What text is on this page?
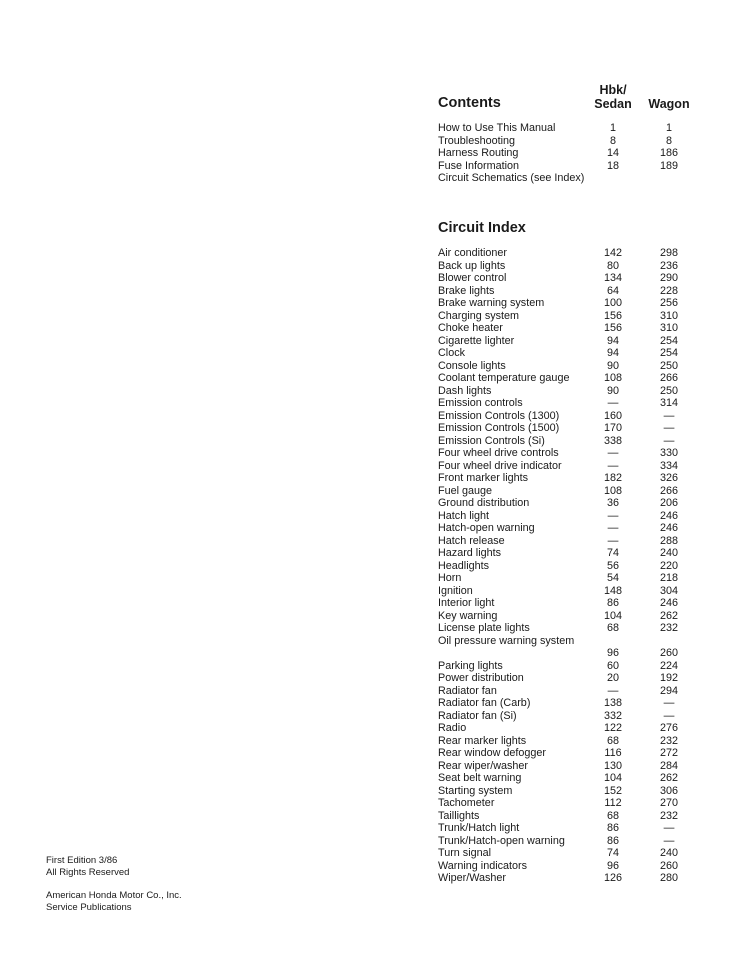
Hbk/
Sedan	Wagon
Contents
How to Use This Manual	1	1
Troubleshooting	8	8
Harness Routing	14	186
Fuse Information	18	189
Circuit Schematics (see Index)
Circuit Index
Air conditioner	142	298
Back up lights	80	236
Blower control	134	290
Brake lights	64	228
Brake warning system	100	256
Charging system	156	310
Choke heater	156	310
Cigarette lighter	94	254
Clock	94	254
Console lights	90	250
Coolant temperature gauge	108	266
Dash lights	90	250
Emission controls	—	314
Emission Controls (1300)	160	—
Emission Controls (1500)	170	—
Emission Controls (Si)	338	—
Four wheel drive controls	—	330
Four wheel drive indicator	—	334
Front marker lights	182	326
Fuel gauge	108	266
Ground distribution	36	206
Hatch light	—	246
Hatch-open warning	—	246
Hatch release	—	288
Hazard lights	74	240
Headlights	56	220
Horn	54	218
Ignition	148	304
Interior light	86	246
Key warning	104	262
License plate lights	68	232
Oil pressure warning system
96	260
Parking lights	60	224
Power distribution	20	192
Radiator fan	—	294
Radiator fan (Carb)	138	—
Radiator fan (Si)	332	—
Radio	122	276
Rear marker lights	68	232
Rear window defogger	116	272
Rear wiper/washer	130	284
Seat belt warning	104	262
Starting system	152	306
Tachometer	112	270
Taillights	68	232
Trunk/Hatch light	86	—
Trunk/Hatch-open warning	86	—
Turn signal	74	240
Warning indicators	96	260
Wiper/Washer	126	280
First Edition 3/86
All Rights Reserved
American Honda Motor Co., Inc.
Service Publications
